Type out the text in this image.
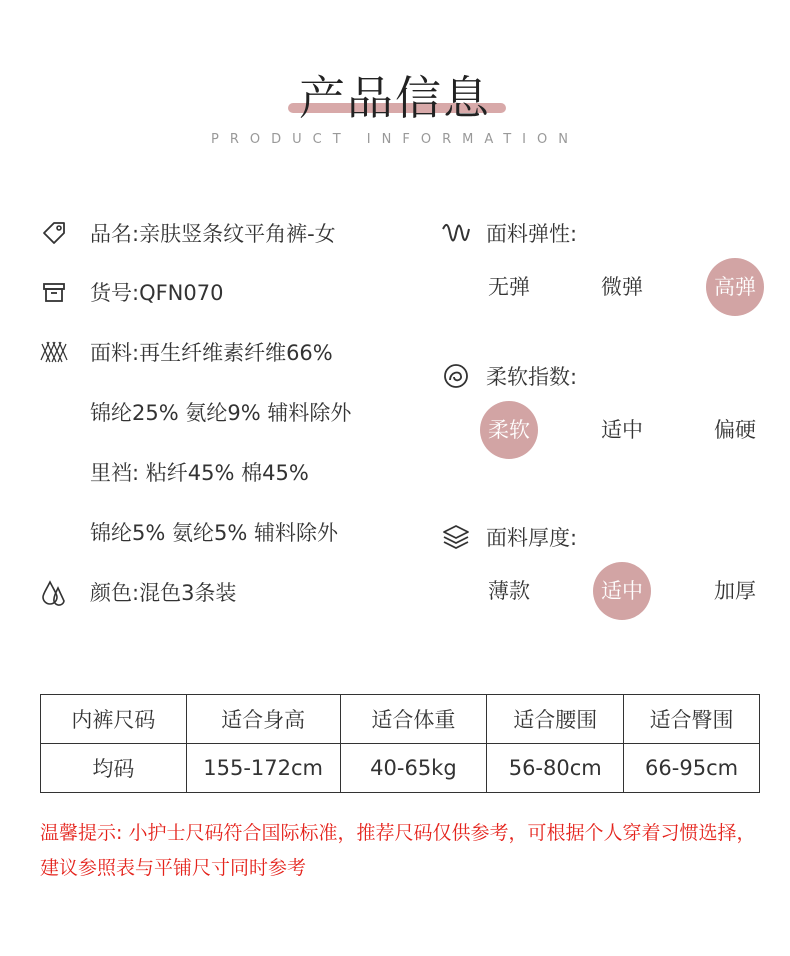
产品信息
PRODUCT INFORMATION
品名:亲肤竖条纹平角裤-女
货号:QFN070
面料:再生纤维素纤维66%
锦纶25% 氨纶9% 辅料除外
里裆: 粘纤45% 棉45%
锦纶5% 氨纶5% 辅料除外
颜色:混色3条装
面料弹性:
无弹	微弹	高弹
柔软指数:
柔软	适中	偏硬
面料厚度:
薄款	适中	加厚
内裤尺码	适合身高	适合体重	适合腰围	适合臀围
均码	155-172cm	40-65kg	56-80cm	66-95cm
温馨提示: 小护士尺码符合国际标准，推荐尺码仅供参考，可根据个人穿着习惯选择，建议参照表与平铺尺寸同时参考
